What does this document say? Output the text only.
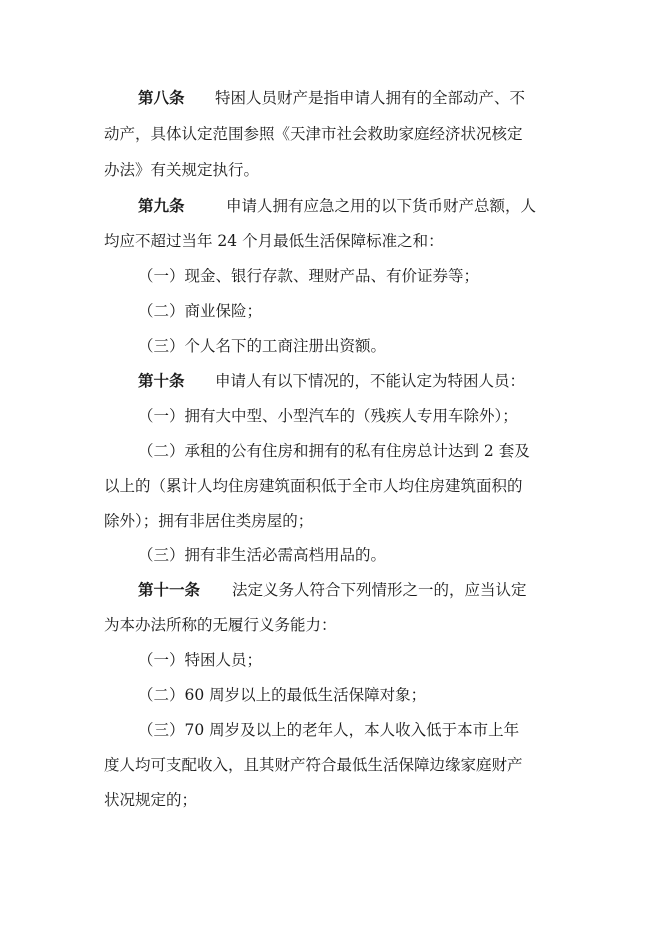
第八条 特困人员财产是指申请人拥有的全部动产、不
动产，具体认定范围参照《天津市社会救助家庭经济状况核定
办法》有关规定执行。
第九条	申请人拥有应急之用的以下货币财产总额，人
均应不超过当年 24 个月最低生活保障标准之和：
（一）现金、银行存款、理财产品、有价证券等；
（二）商业保险；
（三）个人名下的工商注册出资额。
第十条 申请人有以下情况的，不能认定为特困人员：
（一）拥有大中型、小型汽车的（残疾人专用车除外）；
（二）承租的公有住房和拥有的私有住房总计达到 2 套及
以上的（累计人均住房建筑面积低于全市人均住房建筑面积的
除外）；拥有非居住类房屋的；
（三）拥有非生活必需高档用品的。
第十一条 法定义务人符合下列情形之一的，应当认定
为本办法所称的无履行义务能力：
（一）特困人员；
（二）60 周岁以上的最低生活保障对象；
（三）70 周岁及以上的老年人，本人收入低于本市上年
度人均可支配收入，且其财产符合最低生活保障边缘家庭财产
状况规定的；
